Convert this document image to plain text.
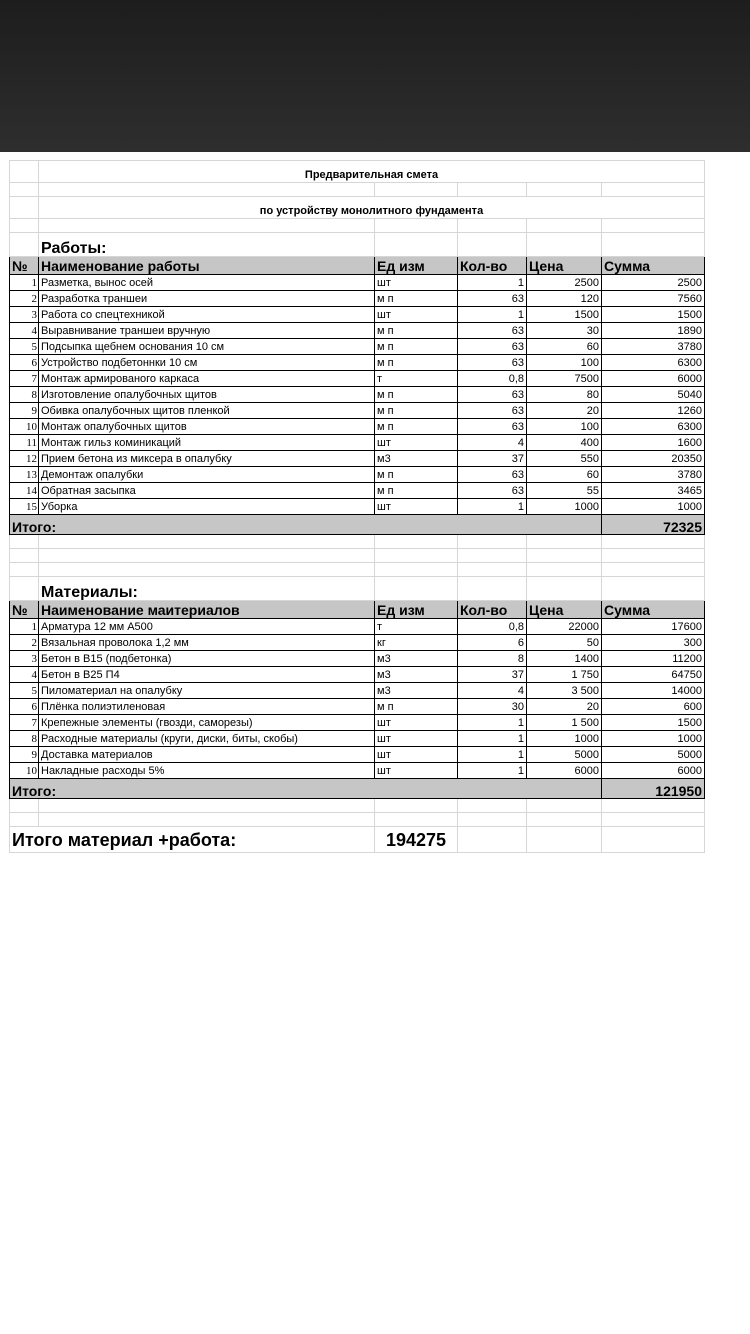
	Предварительная смета				

	по устройству монолитного фундамента				

	Работы:				
№	Наименование работы	Ед изм	Кол-во	Цена	Сумма
1	Разметка, вынос осей	шт	1	2500	2500
2	Разработка траншеи	м п	63	120	7560
3	Работа со спецтехникой	шт	1	1500	1500
4	Выравнивание траншеи вручную	м п	63	30	1890
5	Подсыпка щебнем основания 10 см	м п	63	60	3780
6	Устройство подбетоннки 10 см	м п	63	100	6300
7	Монтаж армированого каркаса	т	0,8	7500	6000
8	Изготовление опалубочных щитов	м п	63	80	5040
9	Обивка опалубочных щитов пленкой	м п	63	20	1260
10	Монтаж опалубочных щитов	м п	63	100	6300
11	Монтаж гильз коминикаций	шт	4	400	1600
12	Прием бетона из миксера в опалубку	м3	37	550	20350
13	Демонтаж опалубки	м п	63	60	3780
14	Обратная засыпка	м п	63	55	3465
15	Уборка	шт	1	1000	1000
Итого:					72325

	Материалы:				
№	Наименование маитериалов	Ед изм	Кол-во	Цена	Сумма
1	Арматура 12 мм А500	т	0,8	22000	17600
2	Вязальная проволока 1,2 мм	кг	6	50	300
3	Бетон в В15 (подбетонка)	м3	8	1400	11200
4	Бетон в В25 П4	м3	37	1 750	64750
5	Пиломатериал на опалубку	м3	4	3 500	14000
6	Плёнка полиэтиленовая	м п	30	20	600
7	Крепежные элементы (гвозди, саморезы)	шт	1	1 500	1500
8	Расходные материалы (круги, диски, биты, скобы)	шт	1	1000	1000
9	Доставка материалов	шт	1	5000	5000
10	Накладные расходы 5%	шт	1	6000	6000
Итого:					121950

Итого материал +работа:		194275			
